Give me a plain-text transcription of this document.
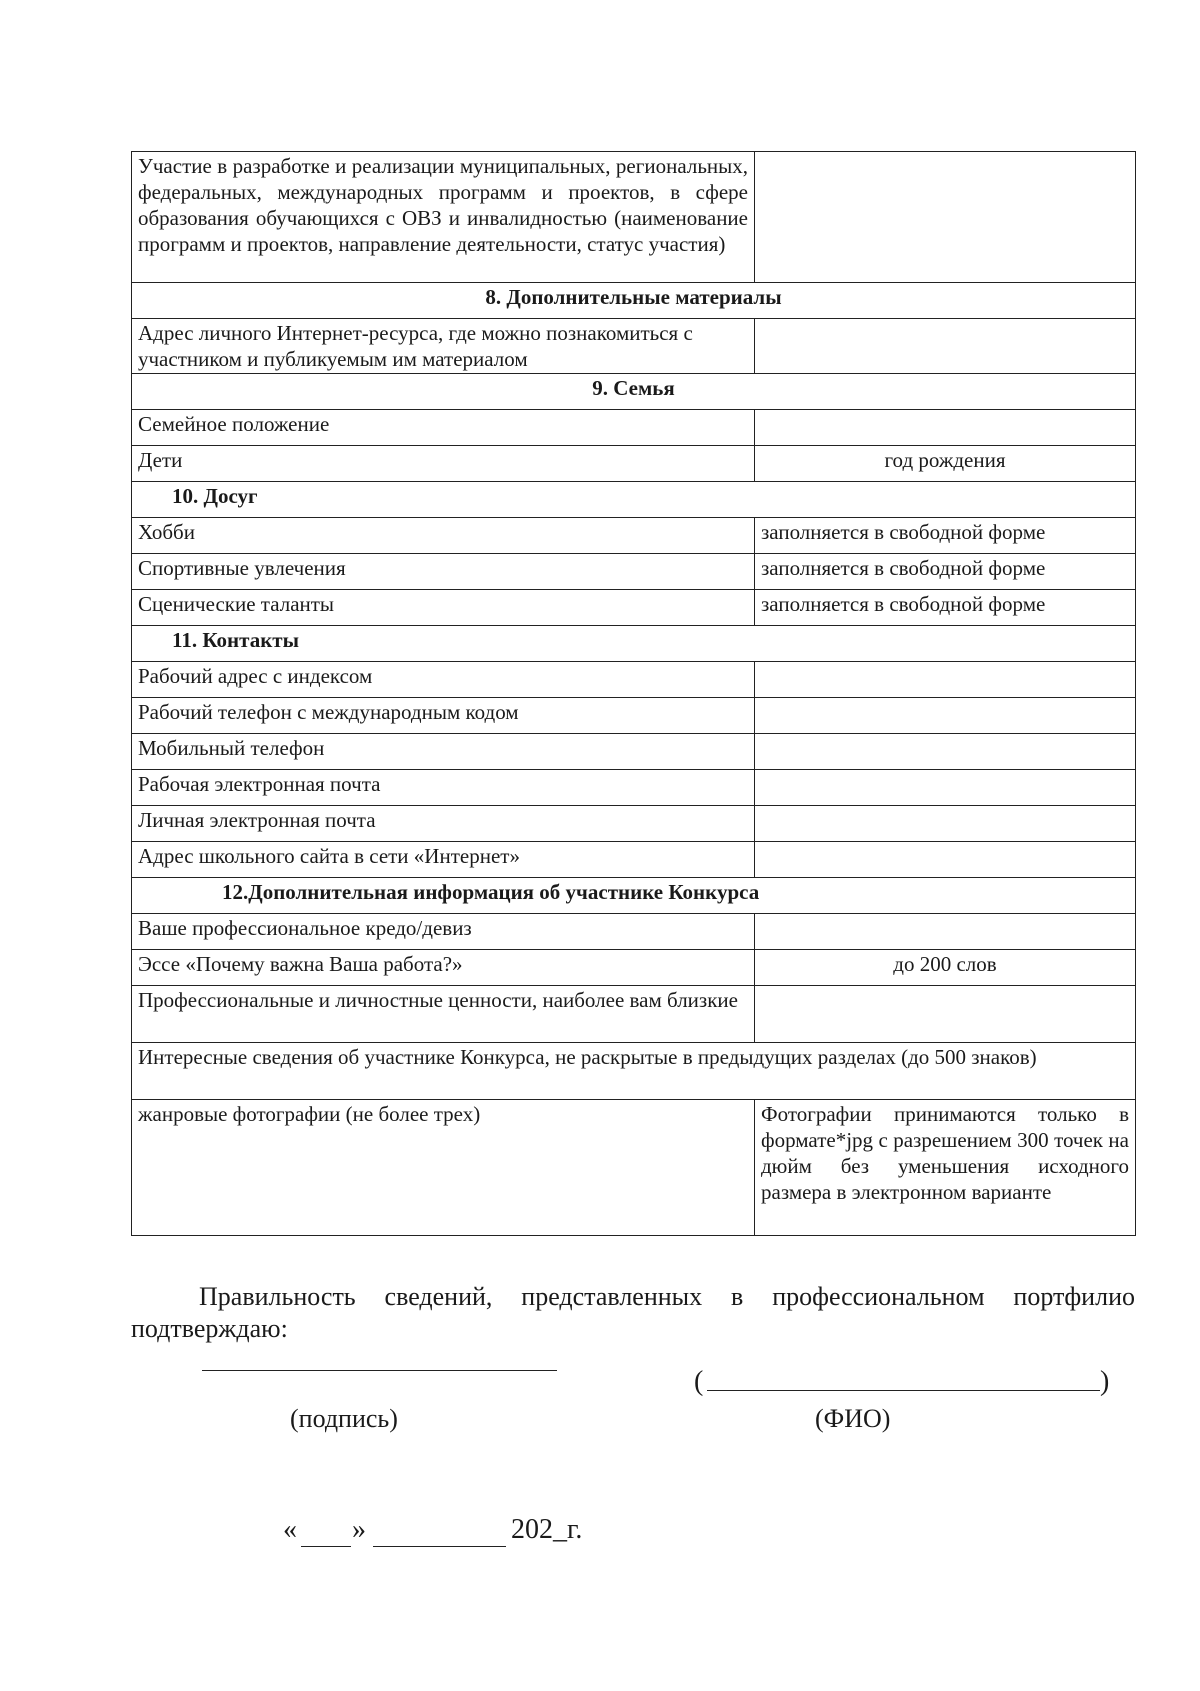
Участие в разработке и реализации муниципальных, региональных, федеральных, международных программ и проектов, в сфере образования обучающихся с ОВЗ и инвалидностью (наименование программ и проектов, направление деятельности, статус участия)	
8. Дополнительные материалы	
Адрес личного Интернет-ресурса, где можно познакомиться с участником и публикуемым им материалом	
9. Семья	
Семейное положение	
Дети	год рождения
10. Досуг	
Хобби	заполняется в свободной форме
Спортивные увлечения	заполняется в свободной форме
Сценические таланты	заполняется в свободной форме
11. Контакты	
Рабочий адрес с индексом	
Рабочий телефон с международным кодом	
Мобильный телефон	
Рабочая электронная почта	
Личная электронная почта	
Адрес школьного сайта в сети «Интернет»	
12.Дополнительная информация об участнике Конкурса	
Ваше профессиональное кредо/девиз	
Эссе «Почему важна Ваша работа?»	до 200 слов
Профессиональные и личностные ценности, наиболее вам близкие	
Интересные сведения об участнике Конкурса, не раскрытые в предыдущих разделах (до 500 знаков)	
жанровые фотографии (не более трех)	Фотографии принимаются только в формате*jpg с разрешением 300 точек на дюйм без уменьшения исходного размера в электронном варианте
Правильность сведений, представленных в профессиональном портфилио подтверждаю:
(подпись)
(	)
(ФИО)
« »	202_г.
